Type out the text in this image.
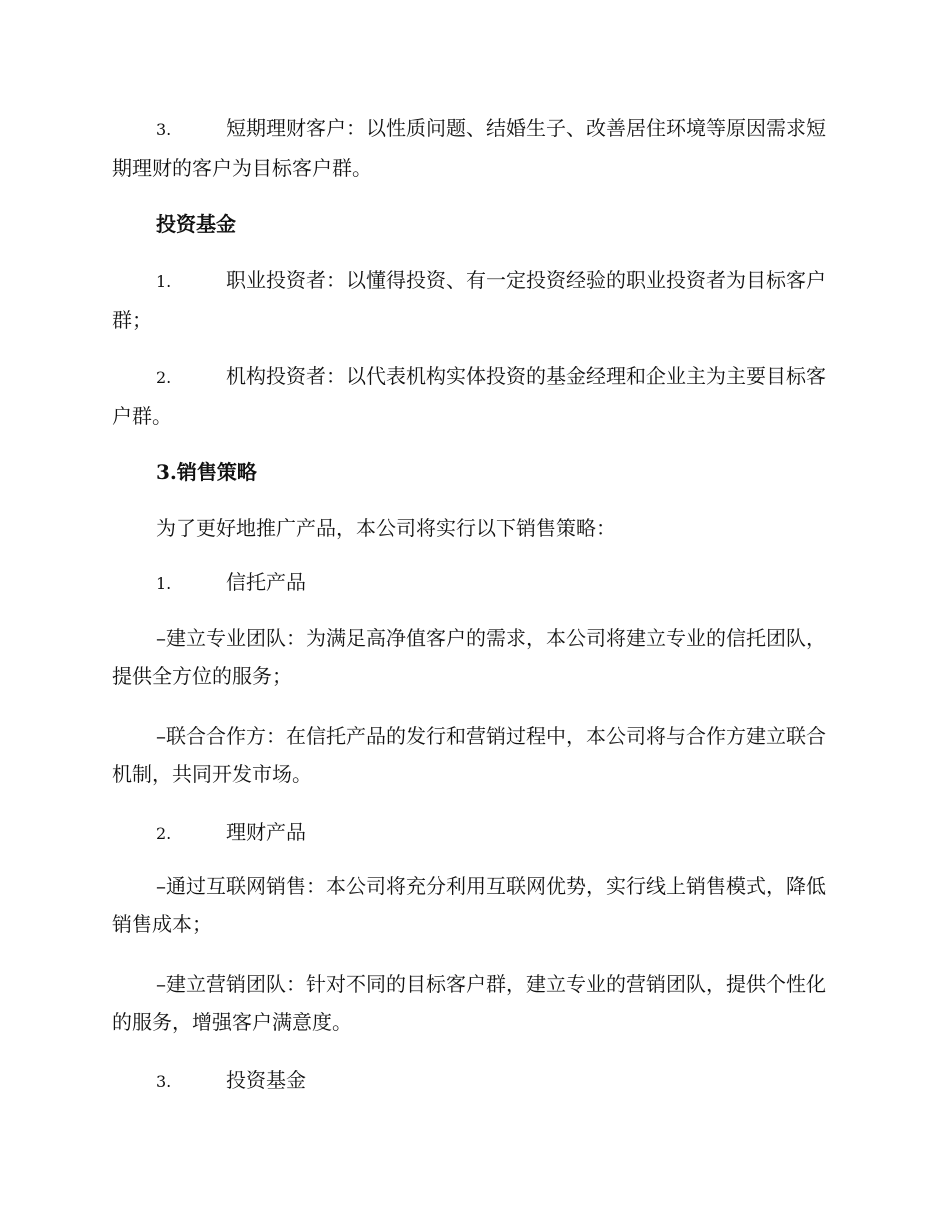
3.	短期理财客户：以性质问题、结婚生子、改善居住环境等原因需求短期理财的客户为目标客户群。
投资基金
1.	职业投资者：以懂得投资、有一定投资经验的职业投资者为目标客户群；
2.	机构投资者：以代表机构实体投资的基金经理和企业主为主要目标客户群。
3.销售策略
为了更好地推广产品，本公司将实行以下销售策略：
1.	信托产品
–建立专业团队：为满足高净值客户的需求，本公司将建立专业的信托团队，提供全方位的服务；
–联合合作方：在信托产品的发行和营销过程中，本公司将与合作方建立联合机制，共同开发市场。
2.	理财产品
–通过互联网销售：本公司将充分利用互联网优势，实行线上销售模式，降低销售成本；
–建立营销团队：针对不同的目标客户群，建立专业的营销团队，提供个性化的服务，增强客户满意度。
3.	投资基金
